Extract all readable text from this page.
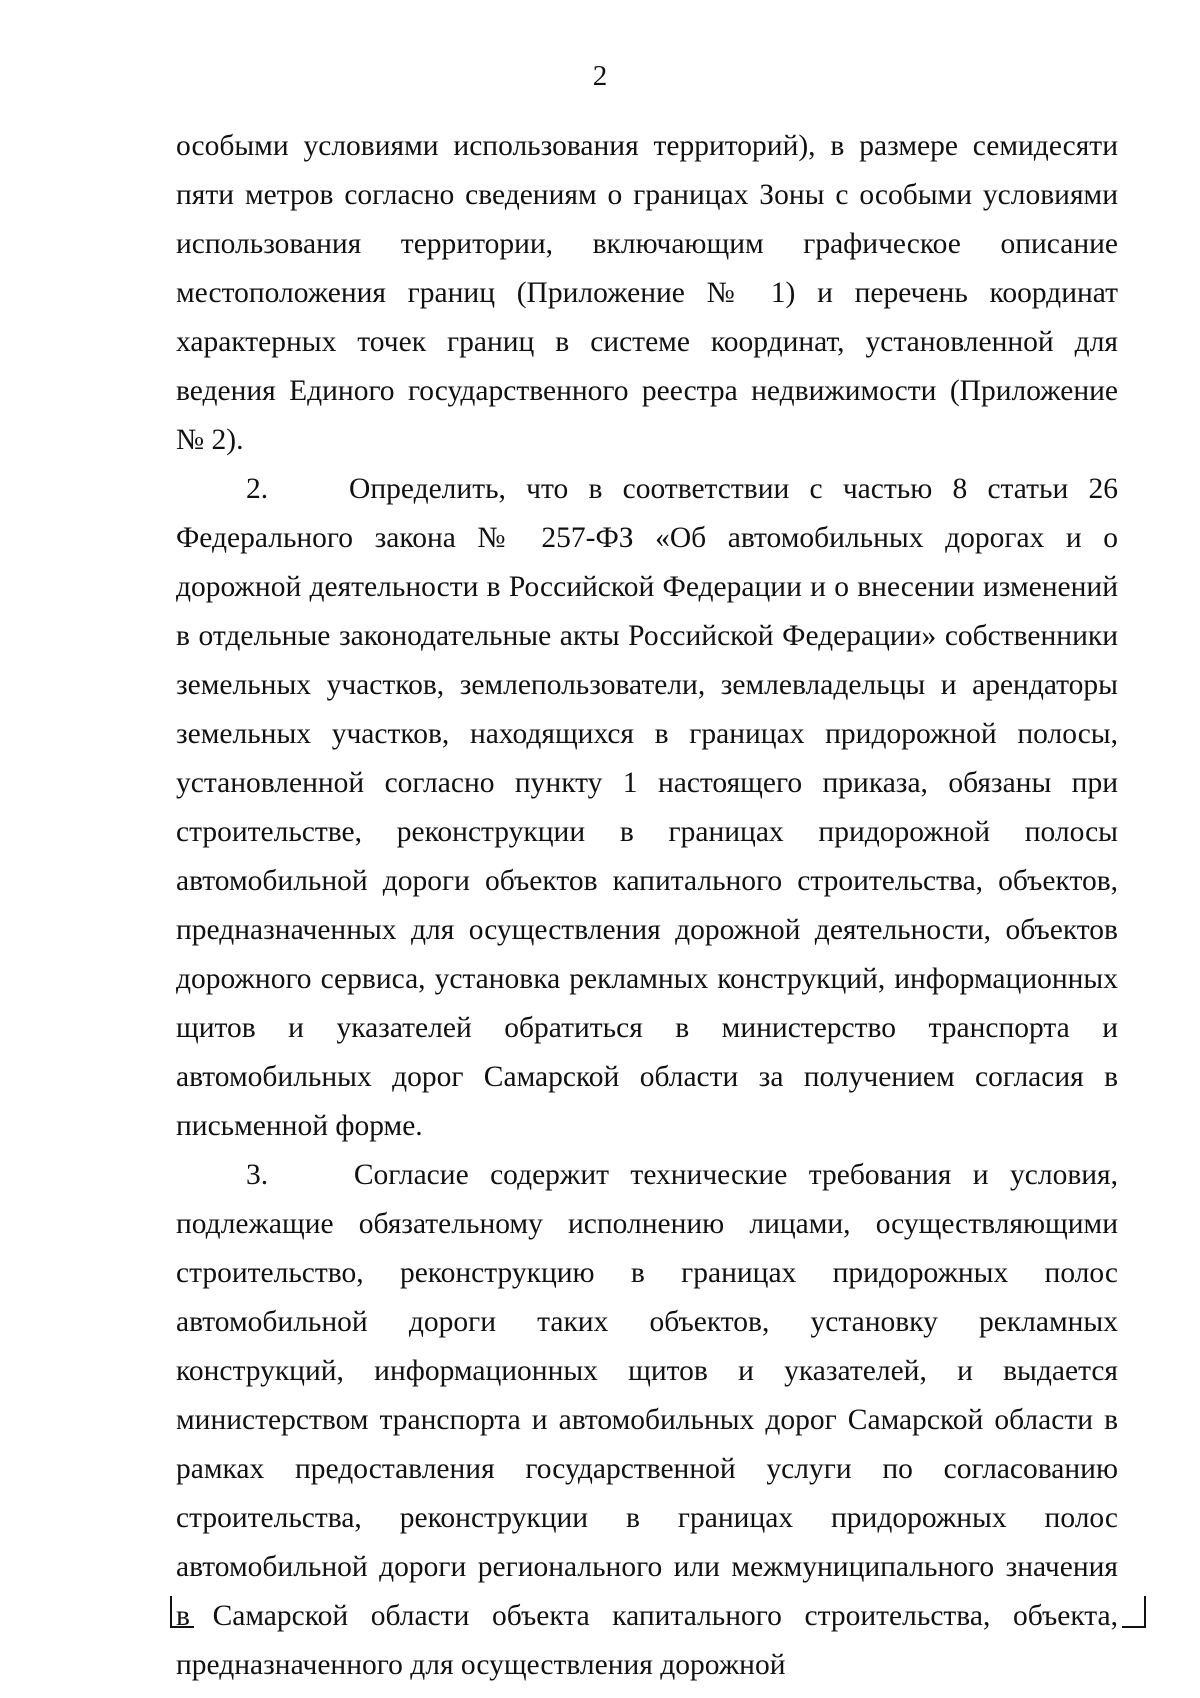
2

особыми условиями использования территорий), в размере семидесяти пяти метров согласно сведениям о границах Зоны с особыми условиями использования территории, включающим графическое описание местоположения границ (Приложение № 1) и перечень координат характерных точек границ в системе координат, установленной для ведения Единого государственного реестра недвижимости (Приложение № 2).

2.    Определить, что в соответствии с частью 8 статьи 26 Федерального закона № 257-ФЗ «Об автомобильных дорогах и о дорожной деятельности в Российской Федерации и о внесении изменений в отдельные законодательные акты Российской Федерации» собственники земельных участков, землепользователи, землевладельцы и арендаторы земельных участков, находящихся в границах придорожной полосы, установленной согласно пункту 1 настоящего приказа, обязаны при строительстве, реконструкции в границах придорожной полосы автомобильной дороги объектов капитального строительства, объектов, предназначенных для осуществления дорожной деятельности, объектов дорожного сервиса, установка рекламных конструкций, информационных щитов и указателей обратиться в министерство транспорта и автомобильных дорог Самарской области за получением согласия в письменной форме.

3.    Согласие содержит технические требования и условия, подлежащие обязательному исполнению лицами, осуществляющими строительство, реконструкцию в границах придорожных полос автомобильной дороги таких объектов, установку рекламных конструкций, информационных щитов и указателей, и выдается министерством транспорта и автомобильных дорог Самарской области в рамках предоставления государственной услуги по согласованию строительства, реконструкции в границах придорожных полос автомобильной дороги регионального или межмуниципального значения в Самарской области объекта капитального строительства, объекта, предназначенного для осуществления дорожной
